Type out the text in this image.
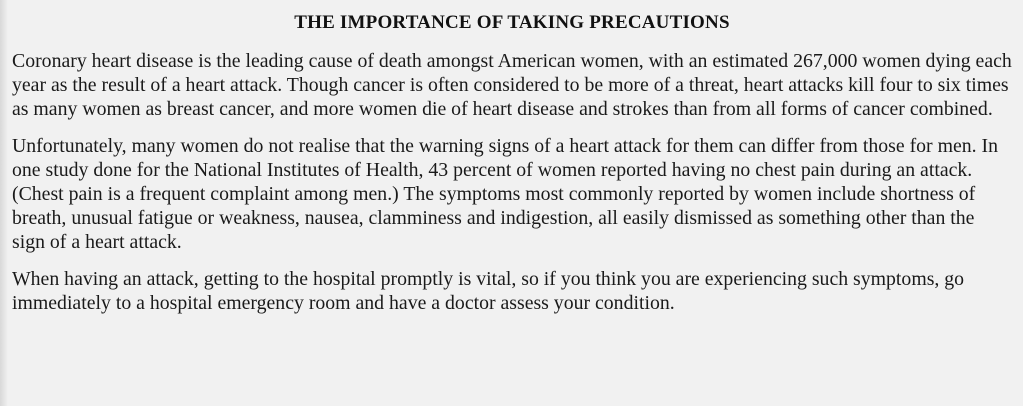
THE IMPORTANCE OF TAKING PRECAUTIONS

Coronary heart disease is the leading cause of death amongst American women, with an estimated 267,000 women dying each year as the result of a heart attack. Though cancer is often considered to be more of a threat, heart attacks kill four to six times as many women as breast cancer, and more women die of heart disease and strokes than from all forms of cancer combined.

Unfortunately, many women do not realise that the warning signs of a heart attack for them can differ from those for men. In one study done for the National Institutes of Health, 43 percent of women reported having no chest pain during an attack. (Chest pain is a frequent complaint among men.) The symptoms most commonly reported by women include shortness of breath, unusual fatigue or weakness, nausea, clamminess and indigestion, all easily dismissed as something other than the sign of a heart attack.

When having an attack, getting to the hospital promptly is vital, so if you think you are experiencing such symptoms, go immediately to a hospital emergency room and have a doctor assess your condition.
